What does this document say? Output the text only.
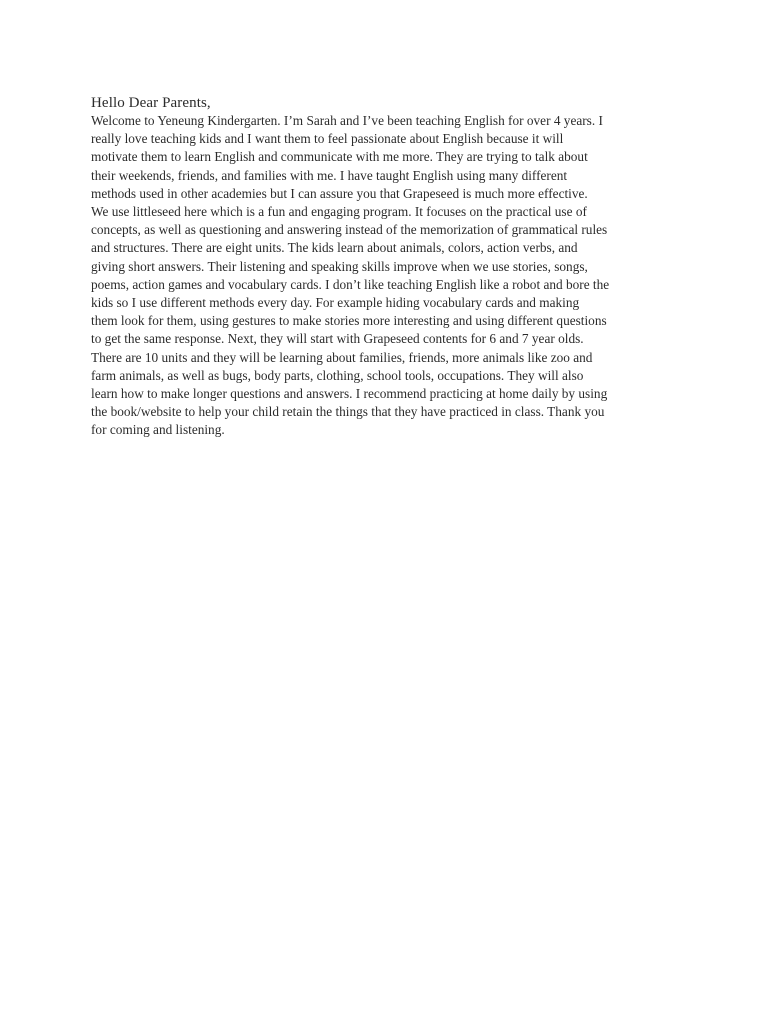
Hello Dear Parents,

Welcome to Yeneung Kindergarten. I’m Sarah and I’ve been teaching English for over 4 years. I
really love teaching kids and I want them to feel passionate about English because it will
motivate them to learn English and communicate with me more. They are trying to talk about
their weekends, friends, and families with me. I have taught English using many different
methods used in other academies but I can assure you that Grapeseed is much more effective.
We use littleseed here which is a fun and engaging program. It focuses on the practical use of
concepts, as well as questioning and answering instead of the memorization of grammatical rules
and structures. There are eight units. The kids learn about animals, colors, action verbs, and
giving short answers. Their listening and speaking skills improve when we use stories, songs,
poems, action games and vocabulary cards. I don’t like teaching English like a robot and bore the
kids so I use different methods every day. For example hiding vocabulary cards and making
them look for them, using gestures to make stories more interesting and using different questions
to get the same response. Next, they will start with Grapeseed contents for 6 and 7 year olds.
There are 10 units and they will be learning about families, friends, more animals like zoo and
farm animals, as well as bugs, body parts, clothing, school tools, occupations. They will also
learn how to make longer questions and answers. I recommend practicing at home daily by using
the book/website to help your child retain the things that they have practiced in class. Thank you
for coming and listening.
